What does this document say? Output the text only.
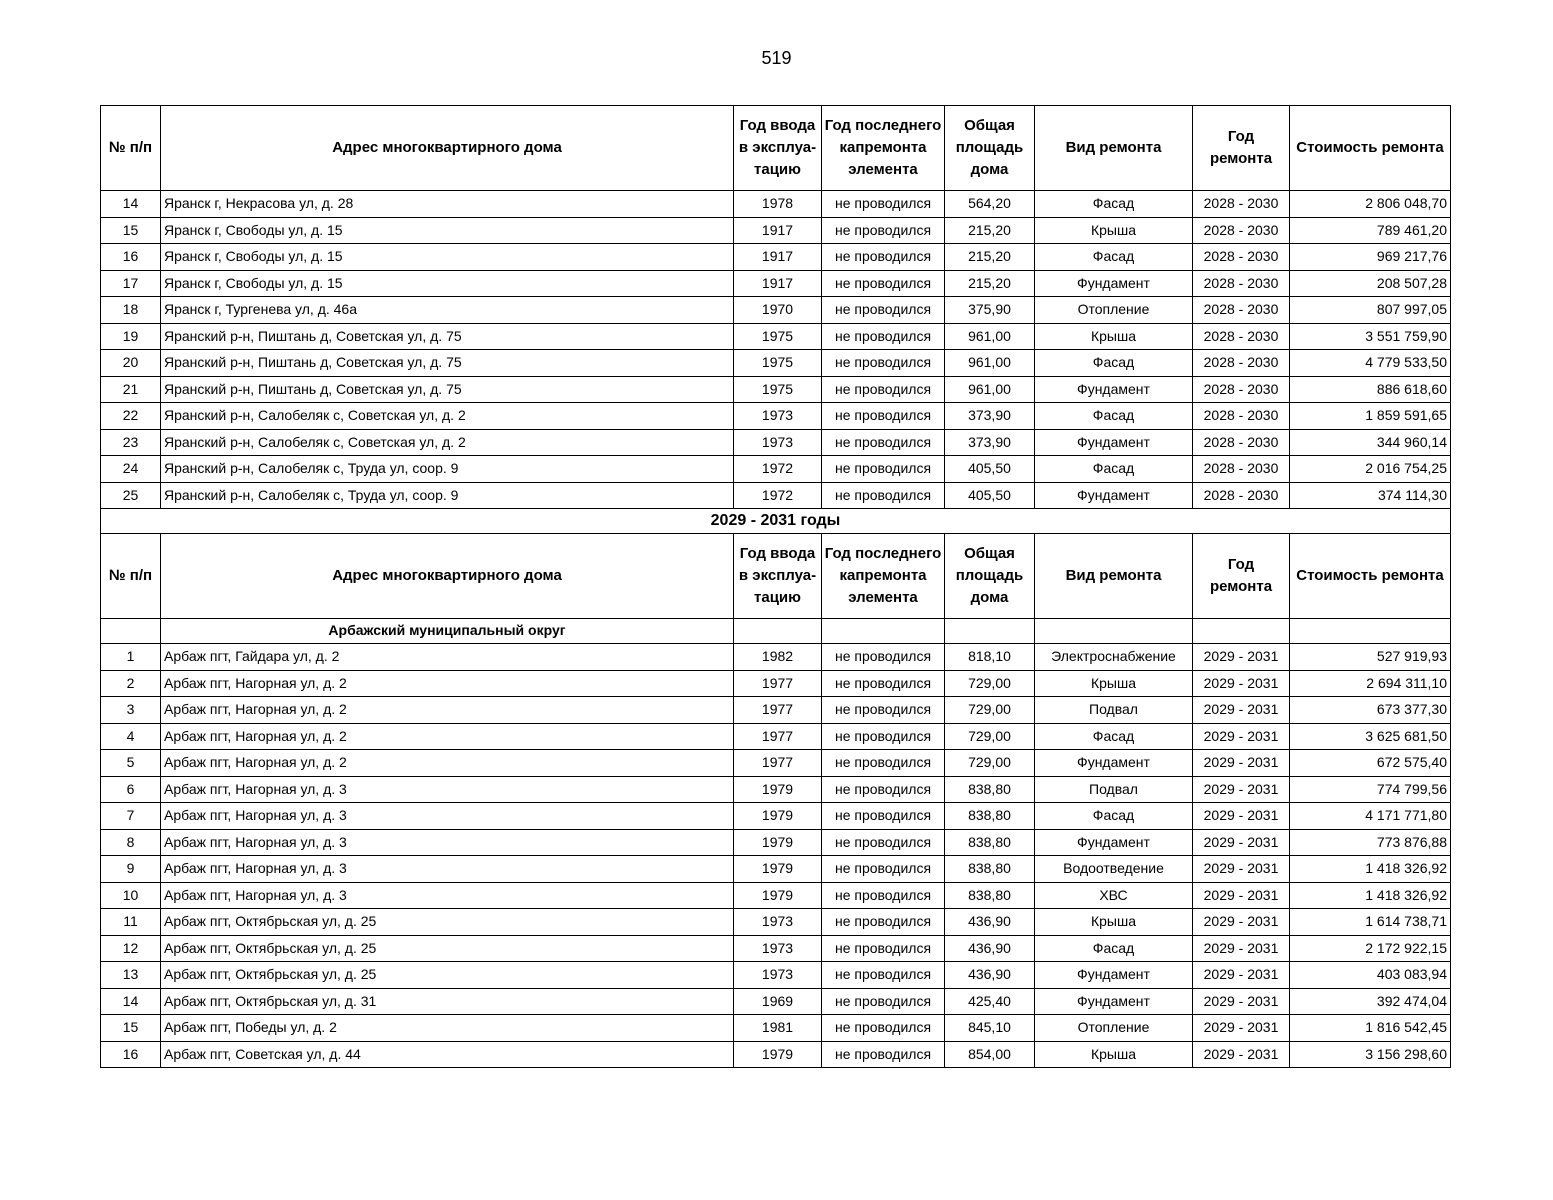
519
№ п/п	Адрес многоквартирного дома	Год ввода в эксплуа-тацию	Год последнего капремонта элемента	Общая площадь дома	Вид ремонта	Год ремонта	Стоимость ремонта
14	Яранск г, Некрасова ул, д. 28	1978	не проводился	564,20	Фасад	2028 - 2030	2 806 048,70
15	Яранск г, Свободы ул, д. 15	1917	не проводился	215,20	Крыша	2028 - 2030	789 461,20
16	Яранск г, Свободы ул, д. 15	1917	не проводился	215,20	Фасад	2028 - 2030	969 217,76
17	Яранск г, Свободы ул, д. 15	1917	не проводился	215,20	Фундамент	2028 - 2030	208 507,28
18	Яранск г, Тургенева ул, д. 46а	1970	не проводился	375,90	Отопление	2028 - 2030	807 997,05
19	Яранский р-н, Пиштань д, Советская ул, д. 75	1975	не проводился	961,00	Крыша	2028 - 2030	3 551 759,90
20	Яранский р-н, Пиштань д, Советская ул, д. 75	1975	не проводился	961,00	Фасад	2028 - 2030	4 779 533,50
21	Яранский р-н, Пиштань д, Советская ул, д. 75	1975	не проводился	961,00	Фундамент	2028 - 2030	886 618,60
22	Яранский р-н, Салобеляк с, Советская ул, д. 2	1973	не проводился	373,90	Фасад	2028 - 2030	1 859 591,65
23	Яранский р-н, Салобеляк с, Советская ул, д. 2	1973	не проводился	373,90	Фундамент	2028 - 2030	344 960,14
24	Яранский р-н, Салобеляк с, Труда ул, соор. 9	1972	не проводился	405,50	Фасад	2028 - 2030	2 016 754,25
25	Яранский р-н, Салобеляк с, Труда ул, соор. 9	1972	не проводился	405,50	Фундамент	2028 - 2030	374 114,30
2029 - 2031 годы							
№ п/п	Адрес многоквартирного дома	Год ввода в эксплуа-тацию	Год последнего капремонта элемента	Общая площадь дома	Вид ремонта	Год ремонта	Стоимость ремонта
	Арбажский муниципальный округ						
1	Арбаж пгт, Гайдара ул, д. 2	1982	не проводился	818,10	Электроснабжение	2029 - 2031	527 919,93
2	Арбаж пгт, Нагорная ул, д. 2	1977	не проводился	729,00	Крыша	2029 - 2031	2 694 311,10
3	Арбаж пгт, Нагорная ул, д. 2	1977	не проводился	729,00	Подвал	2029 - 2031	673 377,30
4	Арбаж пгт, Нагорная ул, д. 2	1977	не проводился	729,00	Фасад	2029 - 2031	3 625 681,50
5	Арбаж пгт, Нагорная ул, д. 2	1977	не проводился	729,00	Фундамент	2029 - 2031	672 575,40
6	Арбаж пгт, Нагорная ул, д. 3	1979	не проводился	838,80	Подвал	2029 - 2031	774 799,56
7	Арбаж пгт, Нагорная ул, д. 3	1979	не проводился	838,80	Фасад	2029 - 2031	4 171 771,80
8	Арбаж пгт, Нагорная ул, д. 3	1979	не проводился	838,80	Фундамент	2029 - 2031	773 876,88
9	Арбаж пгт, Нагорная ул, д. 3	1979	не проводился	838,80	Водоотведение	2029 - 2031	1 418 326,92
10	Арбаж пгт, Нагорная ул, д. 3	1979	не проводился	838,80	ХВС	2029 - 2031	1 418 326,92
11	Арбаж пгт, Октябрьская ул, д. 25	1973	не проводился	436,90	Крыша	2029 - 2031	1 614 738,71
12	Арбаж пгт, Октябрьская ул, д. 25	1973	не проводился	436,90	Фасад	2029 - 2031	2 172 922,15
13	Арбаж пгт, Октябрьская ул, д. 25	1973	не проводился	436,90	Фундамент	2029 - 2031	403 083,94
14	Арбаж пгт, Октябрьская ул, д. 31	1969	не проводился	425,40	Фундамент	2029 - 2031	392 474,04
15	Арбаж пгт, Победы ул, д. 2	1981	не проводился	845,10	Отопление	2029 - 2031	1 816 542,45
16	Арбаж пгт, Советская ул, д. 44	1979	не проводился	854,00	Крыша	2029 - 2031	3 156 298,60
